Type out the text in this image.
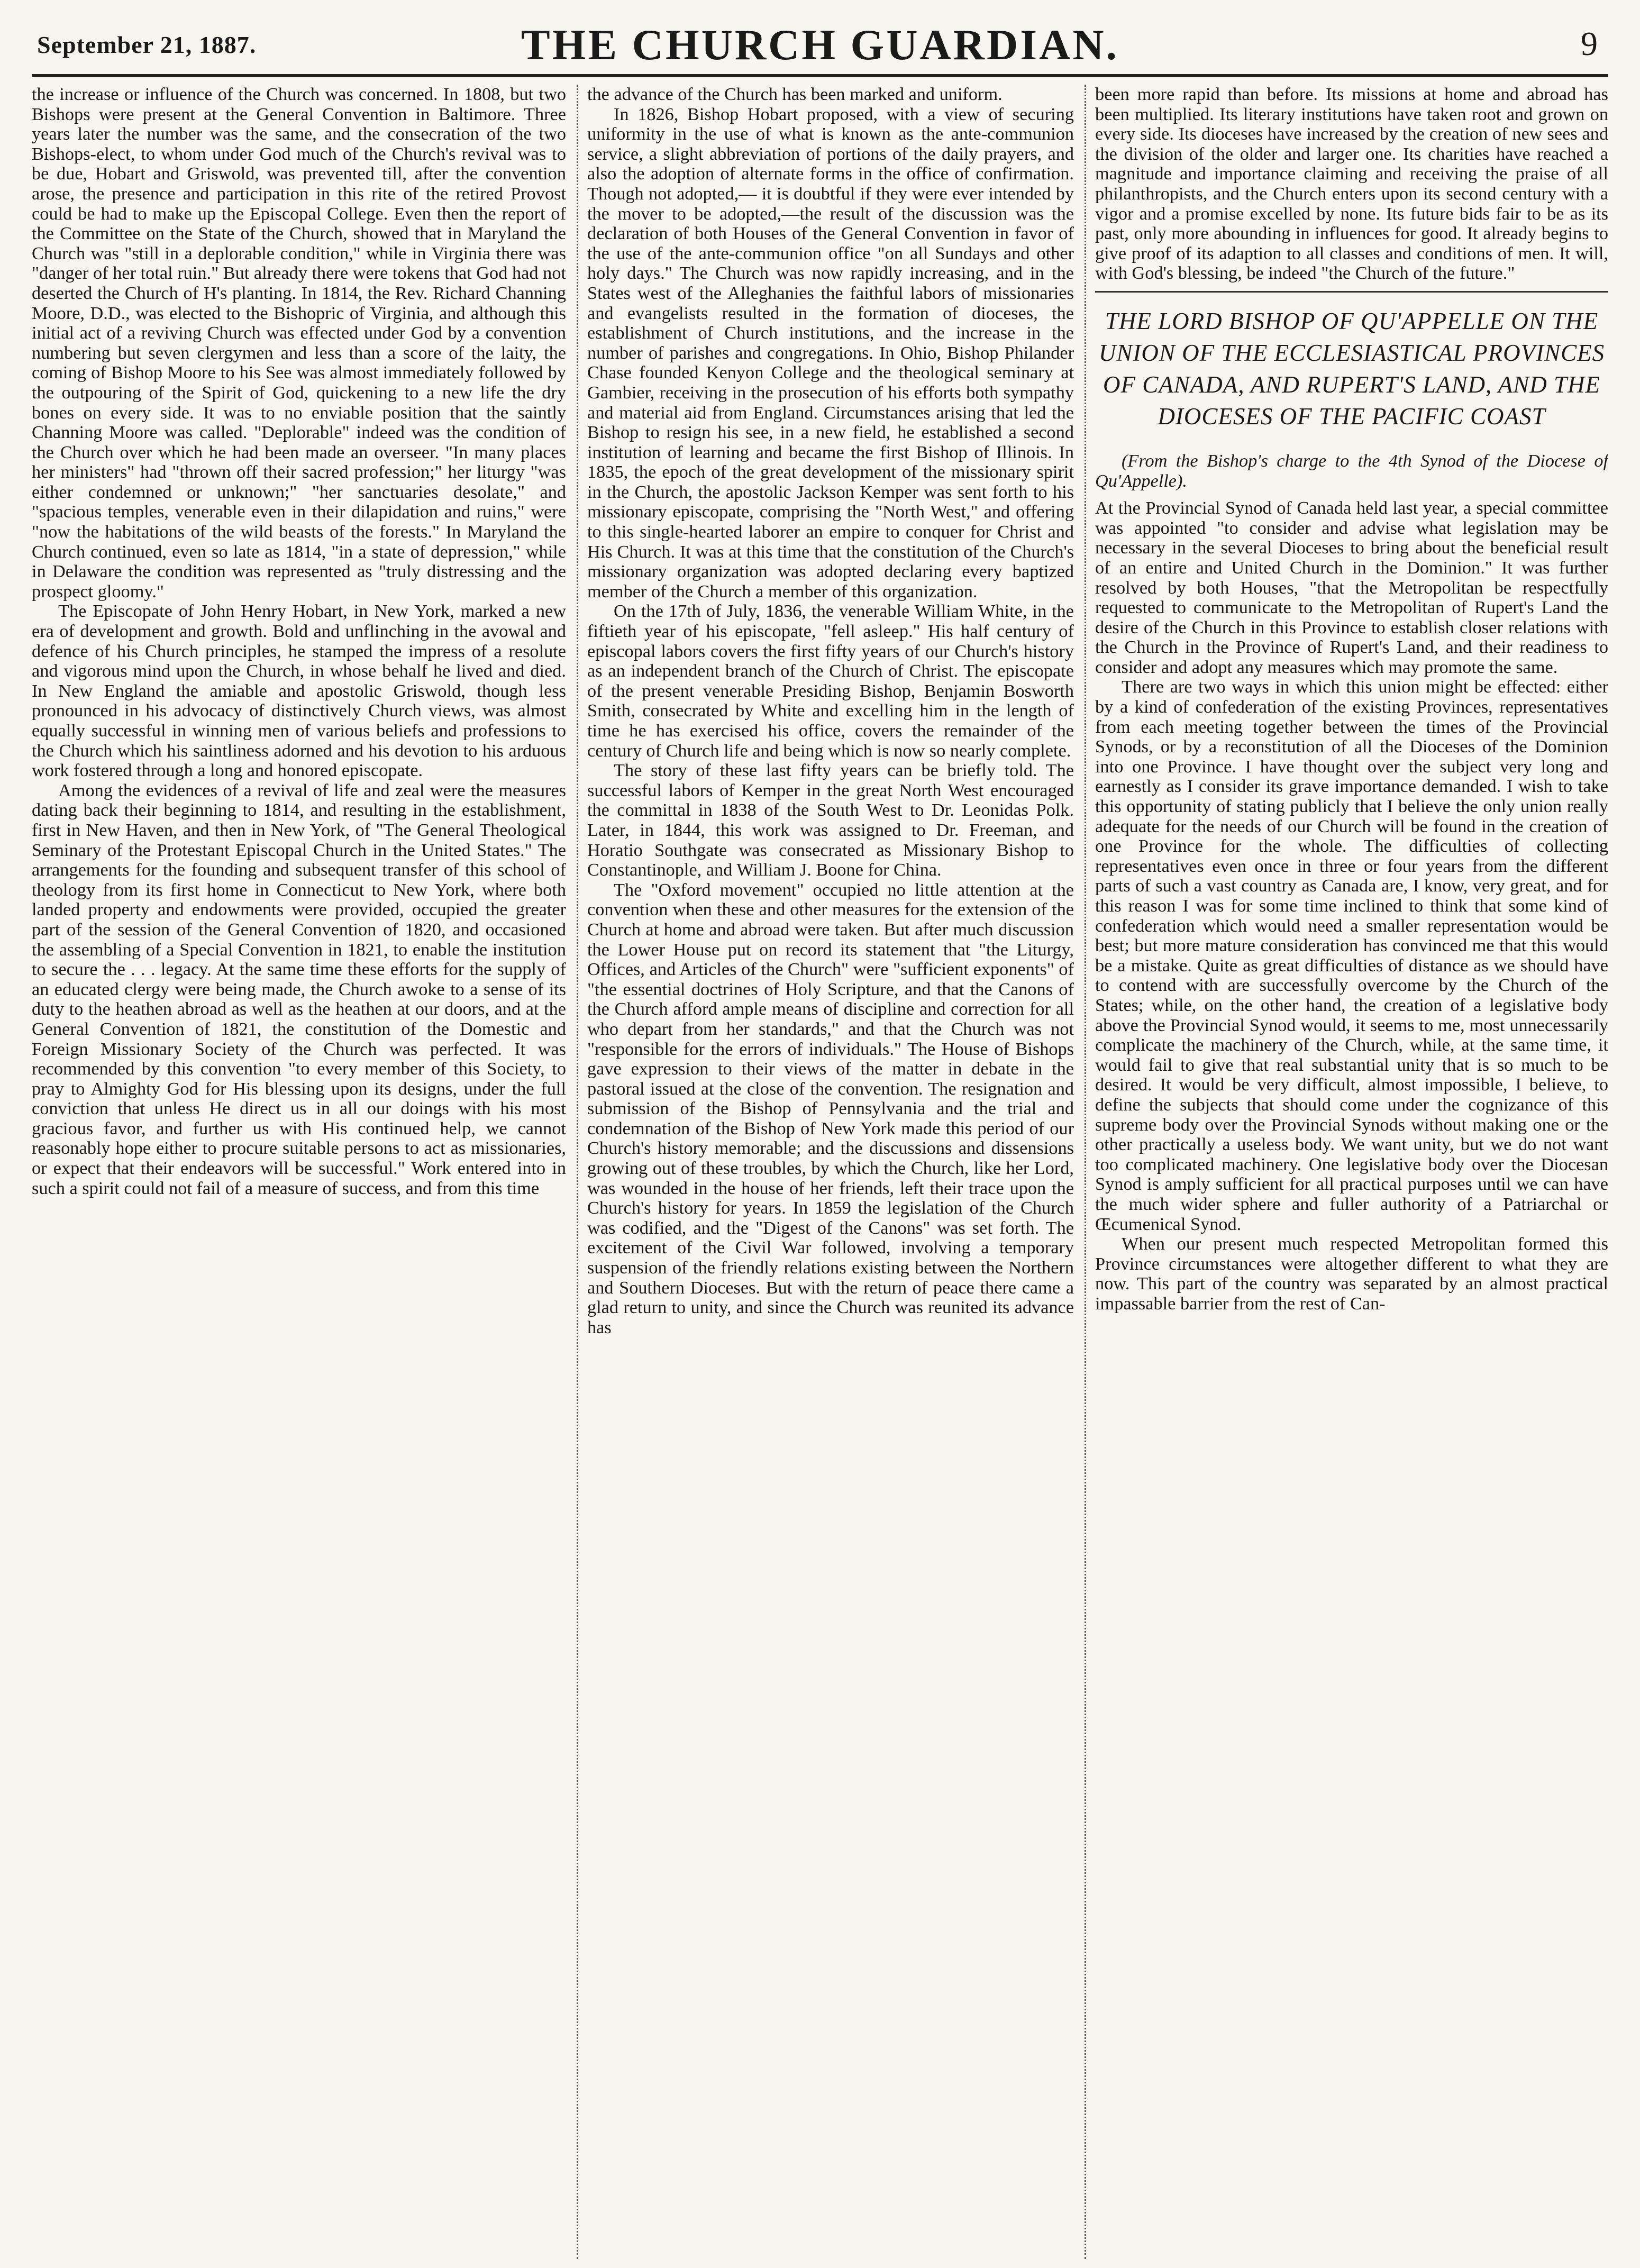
September 21, 1887.	THE CHURCH GUARDIAN.	9

the increase or influence of the Church was concerned. In 1808, but two Bishops were present at the General Convention in Baltimore. Three years later the number was the same, and the consecration of the two Bishops-elect, to whom under God much of the Church's revival was to be due, Hobart and Griswold, was prevented till, after the convention arose, the presence and participation in this rite of the retired Provost could be had to make up the Episcopal College. Even then the report of the Committee on the State of the Church, showed that in Maryland the Church was "still in a deplorable condition," while in Virginia there was "danger of her total ruin." But already there were tokens that God had not deserted the Church of H's planting. In 1814, the Rev. Richard Channing Moore, D.D., was elected to the Bishopric of Virginia, and although this initial act of a reviving Church was effected under God by a convention numbering but seven clergymen and less than a score of the laity, the coming of Bishop Moore to his See was almost immediately followed by the outpouring of the Spirit of God, quickening to a new life the dry bones on every side. It was to no enviable position that the saintly Channing Moore was called. "Deplorable" indeed was the condition of the Church over which he had been made an overseer. "In many places her ministers" had "thrown off their sacred profession;" her liturgy "was either condemned or unknown;" "her sanctuaries desolate," and "spacious temples, venerable even in their dilapidation and ruins," were "now the habitations of the wild beasts of the forests." In Maryland the Church continued, even so late as 1814, "in a state of depression," while in Delaware the condition was represented as "truly distressing and the prospect gloomy."

The Episcopate of John Henry Hobart, in New York, marked a new era of development and growth. Bold and unflinching in the avowal and defence of his Church principles, he stamped the impress of a resolute and vigorous mind upon the Church, in whose behalf he lived and died. In New England the amiable and apostolic Griswold, though less pronounced in his advocacy of distinctively Church views, was almost equally successful in winning men of various beliefs and professions to the Church which his saintliness adorned and his devotion to his arduous work fostered through a long and honored episcopate.

Among the evidences of a revival of life and zeal were the measures dating back their beginning to 1814, and resulting in the establishment, first in New Haven, and then in New York, of "The General Theological Seminary of the Protestant Episcopal Church in the United States." The arrangements for the founding and subsequent transfer of this school of theology from its first home in Connecticut to New York, where both landed property and endowments were provided, occupied the greater part of the session of the General Convention of 1820, and occasioned the assembling of a Special Convention in 1821, to enable the institution to secure the . . . legacy. At the same time these efforts for the supply of an educated clergy were being made, the Church awoke to a sense of its duty to the heathen abroad as well as the heathen at our doors, and at the General Convention of 1821, the constitution of the Domestic and Foreign Missionary Society of the Church was perfected. It was recommended by this convention "to every member of this Society, to pray to Almighty God for His blessing upon its designs, under the full conviction that unless He direct us in all our doings with his most gracious favor, and further us with His continued help, we cannot reasonably hope either to procure suitable persons to act as missionaries, or expect that their endeavors will be successful." Work entered into in such a spirit could not fail of a measure of success, and from this time

the advance of the Church has been marked and uniform.

In 1826, Bishop Hobart proposed, with a view of securing uniformity in the use of what is known as the ante-communion service, a slight abbreviation of portions of the daily prayers, and also the adoption of alternate forms in the office of confirmation. Though not adopted,— it is doubtful if they were ever intended by the mover to be adopted,—the result of the discussion was the declaration of both Houses of the General Convention in favor of the use of the ante-communion office "on all Sundays and other holy days." The Church was now rapidly increasing, and in the States west of the Alleghanies the faithful labors of missionaries and evangelists resulted in the formation of dioceses, the establishment of Church institutions, and the increase in the number of parishes and congregations. In Ohio, Bishop Philander Chase founded Kenyon College and the theological seminary at Gambier, receiving in the prosecution of his efforts both sympathy and material aid from England. Circumstances arising that led the Bishop to resign his see, in a new field, he established a second institution of learning and became the first Bishop of Illinois. In 1835, the epoch of the great development of the missionary spirit in the Church, the apostolic Jackson Kemper was sent forth to his missionary episcopate, comprising the "North West," and offering to this single-hearted laborer an empire to conquer for Christ and His Church. It was at this time that the constitution of the Church's missionary organization was adopted declaring every baptized member of the Church a member of this organization.

On the 17th of July, 1836, the venerable William White, in the fiftieth year of his episcopate, "fell asleep." His half century of episcopal labors covers the first fifty years of our Church's history as an independent branch of the Church of Christ. The episcopate of the present venerable Presiding Bishop, Benjamin Bosworth Smith, consecrated by White and excelling him in the length of time he has exercised his office, covers the remainder of the century of Church life and being which is now so nearly complete.

The story of these last fifty years can be briefly told. The successful labors of Kemper in the great North West encouraged the committal in 1838 of the South West to Dr. Leonidas Polk. Later, in 1844, this work was assigned to Dr. Freeman, and Horatio Southgate was consecrated as Missionary Bishop to Constantinople, and William J. Boone for China.

The "Oxford movement" occupied no little attention at the convention when these and other measures for the extension of the Church at home and abroad were taken. But after much discussion the Lower House put on record its statement that "the Liturgy, Offices, and Articles of the Church" were "sufficient exponents" of "the essential doctrines of Holy Scripture, and that the Canons of the Church afford ample means of discipline and correction for all who depart from her standards," and that the Church was not "responsible for the errors of individuals." The House of Bishops gave expression to their views of the matter in debate in the pastoral issued at the close of the convention. The resignation and submission of the Bishop of Pennsylvania and the trial and condemnation of the Bishop of New York made this period of our Church's history memorable; and the discussions and dissensions growing out of these troubles, by which the Church, like her Lord, was wounded in the house of her friends, left their trace upon the Church's history for years. In 1859 the legislation of the Church was codified, and the "Digest of the Canons" was set forth. The excitement of the Civil War followed, involving a temporary suspension of the friendly relations existing between the Northern and Southern Dioceses. But with the return of peace there came a glad return to unity, and since the Church was reunited its advance has

been more rapid than before. Its missions at home and abroad has been multiplied. Its literary institutions have taken root and grown on every side. Its dioceses have increased by the creation of new sees and the division of the older and larger one. Its charities have reached a magnitude and importance claiming and receiving the praise of all philanthropists, and the Church enters upon its second century with a vigor and a promise excelled by none. Its future bids fair to be as its past, only more abounding in influences for good. It already begins to give proof of its adaption to all classes and conditions of men. It will, with God's blessing, be indeed "the Church of the future."

THE LORD BISHOP OF QU'APPELLE ON THE UNION OF THE ECCLESIASTICAL PROVINCES OF CANADA, AND RUPERT'S LAND, AND THE DIOCESES OF THE PACIFIC COAST

(From the Bishop's charge to the 4th Synod of the Diocese of Qu'Appelle).

At the Provincial Synod of Canada held last year, a special committee was appointed "to consider and advise what legislation may be necessary in the several Dioceses to bring about the beneficial result of an entire and United Church in the Dominion." It was further resolved by both Houses, "that the Metropolitan be respectfully requested to communicate to the Metropolitan of Rupert's Land the desire of the Church in this Province to establish closer relations with the Church in the Province of Rupert's Land, and their readiness to consider and adopt any measures which may promote the same.

There are two ways in which this union might be effected: either by a kind of confederation of the existing Provinces, representatives from each meeting together between the times of the Provincial Synods, or by a reconstitution of all the Dioceses of the Dominion into one Province. I have thought over the subject very long and earnestly as I consider its grave importance demanded. I wish to take this opportunity of stating publicly that I believe the only union really adequate for the needs of our Church will be found in the creation of one Province for the whole. The difficulties of collecting representatives even once in three or four years from the different parts of such a vast country as Canada are, I know, very great, and for this reason I was for some time inclined to think that some kind of confederation which would need a smaller representation would be best; but more mature consideration has convinced me that this would be a mistake. Quite as great difficulties of distance as we should have to contend with are successfully overcome by the Church of the States; while, on the other hand, the creation of a legislative body above the Provincial Synod would, it seems to me, most unnecessarily complicate the machinery of the Church, while, at the same time, it would fail to give that real substantial unity that is so much to be desired. It would be very difficult, almost impossible, I believe, to define the subjects that should come under the cognizance of this supreme body over the Provincial Synods without making one or the other practically a useless body. We want unity, but we do not want too complicated machinery. One legislative body over the Diocesan Synod is amply sufficient for all practical purposes until we can have the much wider sphere and fuller authority of a Patriarchal or Œcumenical Synod.

When our present much respected Metropolitan formed this Province circumstances were altogether different to what they are now. This part of the country was separated by an almost practical impassable barrier from the rest of Can-
